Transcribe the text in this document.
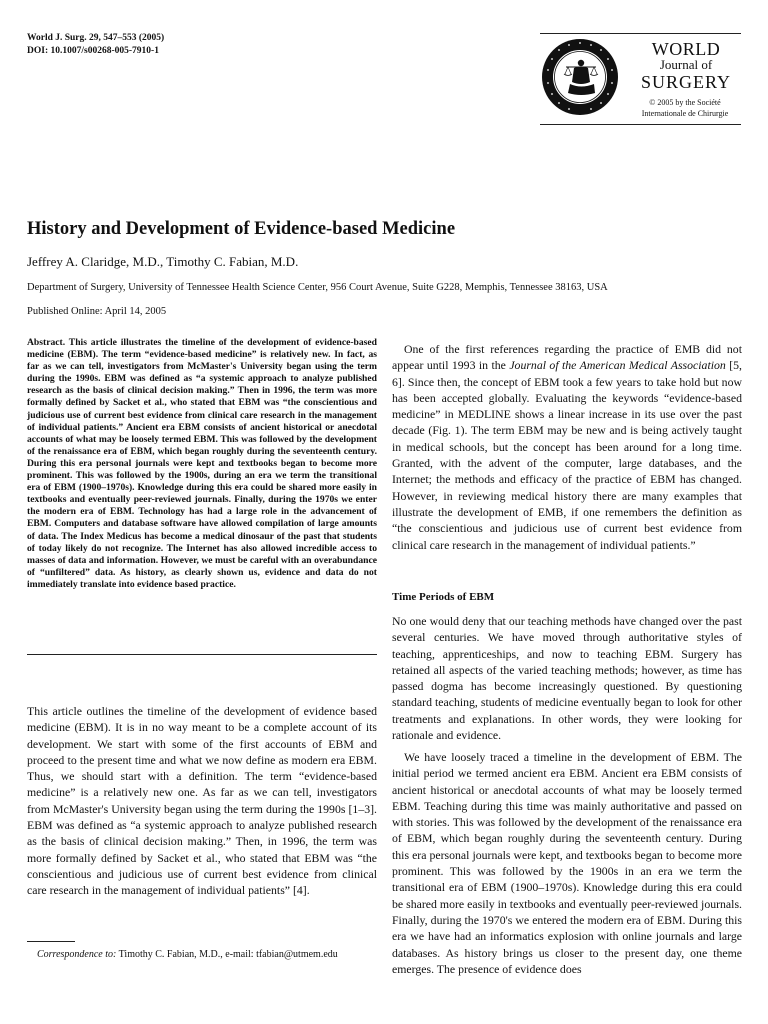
World J. Surg. 29, 547–553 (2005)
DOI: 10.1007/s00268-005-7910-1	WORLD
Journal of
SURGERY
© 2005 by the Société
Internationale de Chirurgie
History and Development of Evidence-based Medicine
Jeffrey A. Claridge, M.D., Timothy C. Fabian, M.D.
Department of Surgery, University of Tennessee Health Science Center, 956 Court Avenue, Suite G228, Memphis, Tennessee 38163, USA
Published Online: April 14, 2005

Abstract. This article illustrates the timeline of the development of evidence-based medicine (EBM). The term “evidence-based medicine” is relatively new. In fact, as far as we can tell, investigators from McMaster's University began using the term during the 1990s. EBM was defined as “a systemic approach to analyze published research as the basis of clinical decision making.” Then in 1996, the term was more formally defined by Sacket et al., who stated that EBM was “the conscientious and judicious use of current best evidence from clinical care research in the management of individual patients.” Ancient era EBM consists of ancient historical or anecdotal accounts of what may be loosely termed EBM. This was followed by the development of the renaissance era of EBM, which began roughly during the seventeenth century. During this era personal journals were kept and textbooks began to become more prominent. This was followed by the 1900s, during an era we term the transitional era of EBM (1900–1970s). Knowledge during this era could be shared more easily in textbooks and eventually peer-reviewed journals. Finally, during the 1970s we enter the modern era of EBM. Technology has had a large role in the advancement of EBM. Computers and database software have allowed compilation of large amounts of data. The Index Medicus has become a medical dinosaur of the past that students of today likely do not recognize. The Internet has also allowed incredible access to masses of data and information. However, we must be careful with an overabundance of “unfiltered” data. As history, as clearly shown us, evidence and data do not immediately translate into evidence based practice.

This article outlines the timeline of the development of evidence based medicine (EBM). It is in no way meant to be a complete account of its development. We start with some of the first accounts of EBM and proceed to the present time and what we now define as modern era EBM. Thus, we should start with a definition. The term “evidence-based medicine” is a relatively new one. As far as we can tell, investigators from McMaster's University began using the term during the 1990s [1–3]. EBM was defined as “a systemic approach to analyze published research as the basis of clinical decision making.” Then, in 1996, the term was more formally defined by Sacket et al., who stated that EBM was “the conscientious and judicious use of current best evidence from clinical care research in the management of individual patients” [4].

Correspondence to: Timothy C. Fabian, M.D., e-mail: tfabian@utmem.edu

One of the first references regarding the practice of EMB did not appear until 1993 in the Journal of the American Medical Association [5, 6]. Since then, the concept of EBM took a few years to take hold but now has been accepted globally. Evaluating the keywords “evidence-based medicine” in MEDLINE shows a linear increase in its use over the past decade (Fig. 1). The term EBM may be new and is being actively taught in medical schools, but the concept has been around for a long time. Granted, with the advent of the computer, large databases, and the Internet; the methods and efficacy of the practice of EBM has changed. However, in reviewing medical history there are many examples that illustrate the development of EMB, if one remembers the definition as “the conscientious and judicious use of current best evidence from clinical care research in the management of individual patients.”

Time Periods of EBM

No one would deny that our teaching methods have changed over the past several centuries. We have moved through authoritative styles of teaching, apprenticeships, and now to teaching EBM. Surgery has retained all aspects of the varied teaching methods; however, as time has passed dogma has become increasingly questioned. By questioning standard teaching, students of medicine eventually began to look for other treatments and explanations. In other words, they were looking for rationale and evidence.

We have loosely traced a timeline in the development of EBM. The initial period we termed ancient era EBM. Ancient era EBM consists of ancient historical or anecdotal accounts of what may be loosely termed EBM. Teaching during this time was mainly authoritative and passed on with stories. This was followed by the development of the renaissance era of EBM, which began roughly during the seventeenth century. During this era personal journals were kept, and textbooks began to become more prominent. This was followed by the 1900s in an era we term the transitional era of EBM (1900–1970s). Knowledge during this era could be shared more easily in textbooks and eventually peer-reviewed journals. Finally, during the 1970's we entered the modern era of EBM. During this era we have had an informatics explosion with online journals and large databases. As history brings us closer to the present day, one theme emerges. The presence of evidence does
